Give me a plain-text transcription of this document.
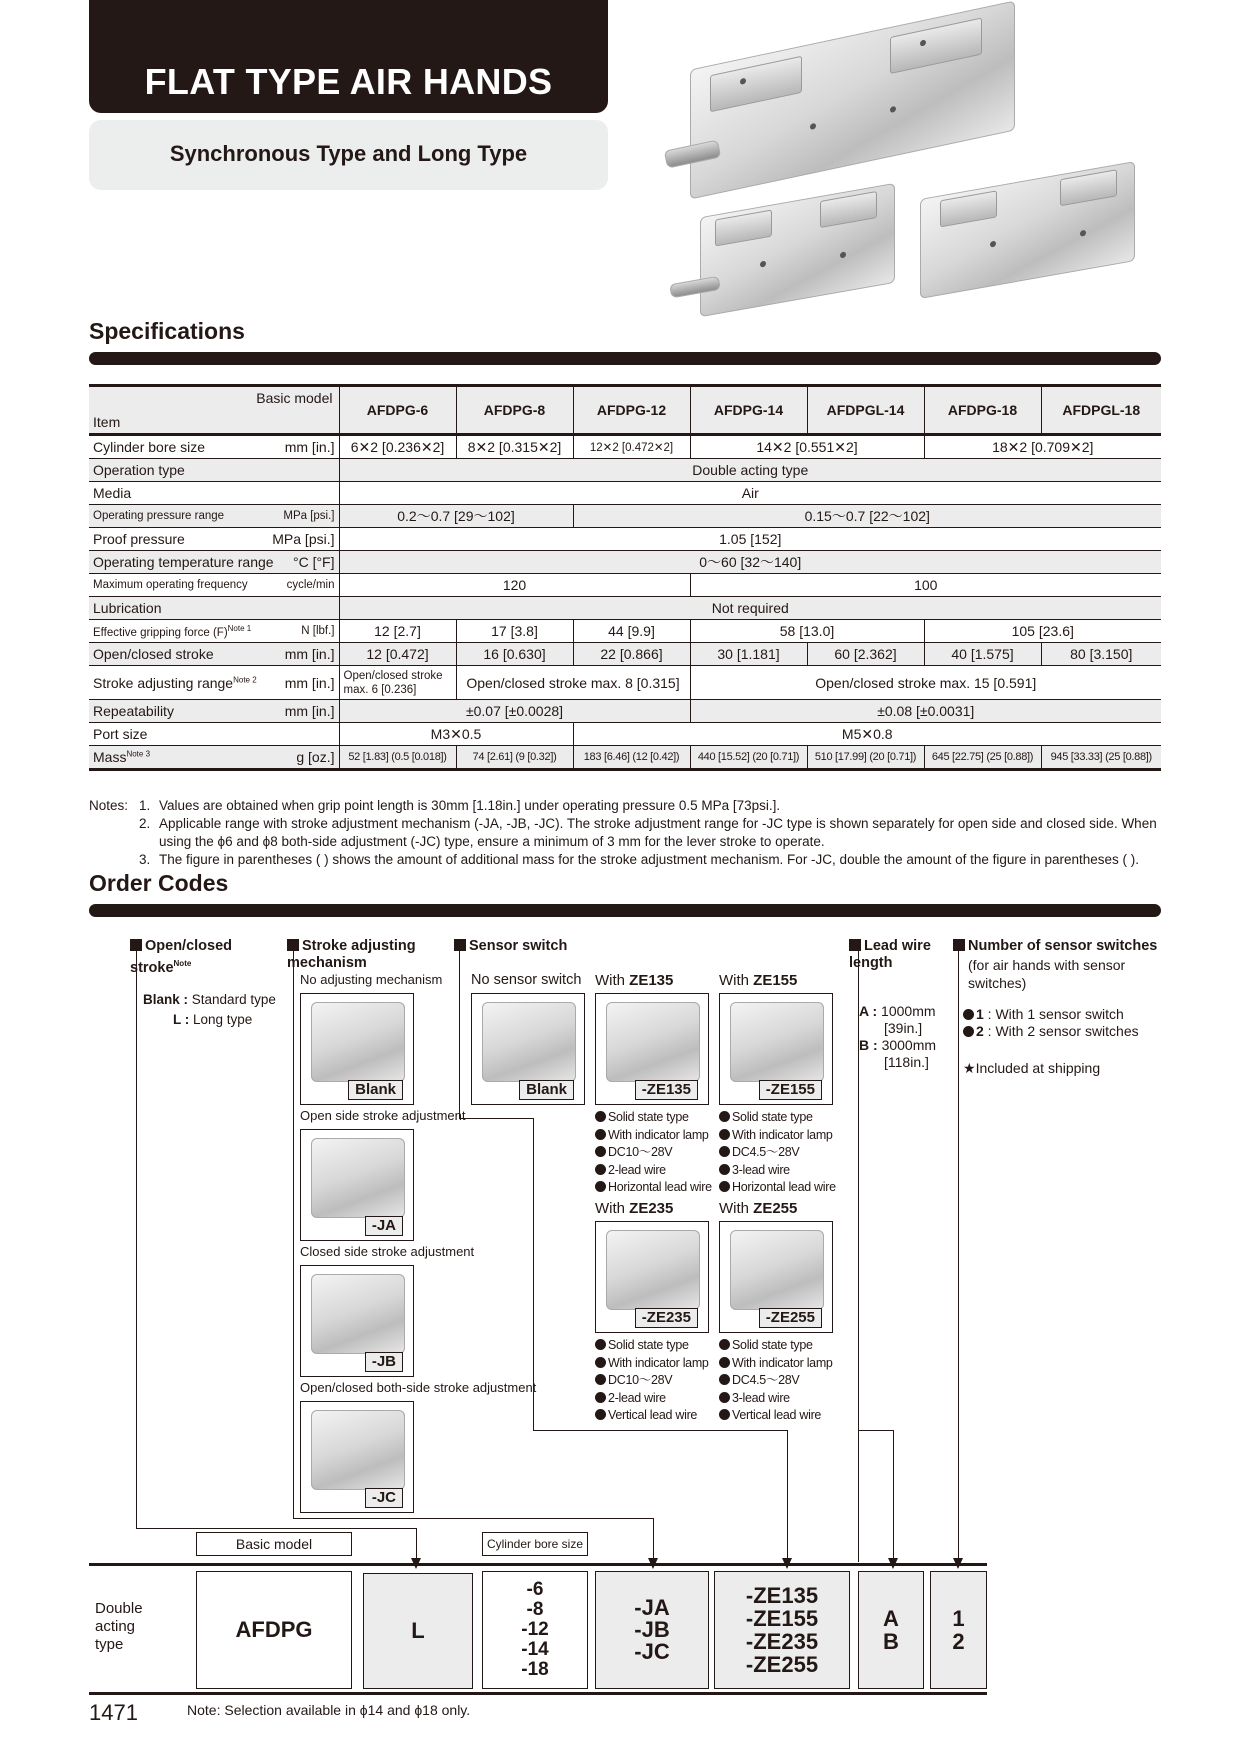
FLAT TYPE AIR HANDS
Synchronous Type and Long Type
Specifications
Basic model
Item	AFDPG-6	AFDPG-8	AFDPG-12	AFDPG-14	AFDPGL-14	AFDPG-18	AFDPGL-18
Cylinder bore size mm [in.]	6✕2 [0.236✕2]	8✕2 [0.315✕2]	12✕2 [0.472✕2]	14✕2 [0.551✕2]		18✕2 [0.709✕2]	
Operation type	Double acting type						
Media	Air						
Operating pressure range MPa [psi.]	0.2〜0.7 [29〜102]		0.15〜0.7 [22〜102]				
Proof pressure MPa [psi.]	1.05 [152]						
Operating temperature range °C [°F]	0〜60 [32〜140]						
Maximum operating frequency cycle/min	120			100			
Lubrication	Not required						
Effective gripping force $(F)^{Note 1}$ N [lbf.]	12 [2.7]	17 [3.8]	44 [9.9]	58 [13.0]		105 [23.6]	
Open/closed stroke mm [in.]	12 [0.472]	16 [0.630]	22 [0.866]	30 [1.181]	60 [2.362]	40 [1.575]	80 [3.150]
Stroke adjusting range$^{Note 2}$ mm [in.]	Open/closed stroke max. 6 [0.236]	Open/closed stroke max. 8 [0.315]		Open/closed stroke max. 15 [0.591]			
Repeatability mm [in.]	±0.07 [±0.0028]			±0.08 [±0.0031]			
Port size	M3✕0.5		M5✕0.8				
Mass$^{Note 3}$ g [oz.]	52 [1.83] (0.5 [0.018])	74 [2.61] (9 [0.32])	183 [6.46] (12 [0.42])	440 [15.52] (20 [0.71])	510 [17.99] (20 [0.71])	645 [22.75] (25 [0.88])	945 [33.33] (25 [0.88])
Notes: 1. Values are obtained when grip point length is 30mm [1.18in.] under operating pressure 0.5 MPa [73psi.].
2. Applicable range with stroke adjustment mechanism (-JA, -JB, -JC). The stroke adjustment range for -JC type is shown separately for open side and closed side. When using the ϕ6 and ϕ8 both-side adjustment (-JC) type, ensure a minimum of 3 mm for the lever stroke to operate.
3. The figure in parentheses ( ) shows the amount of additional mass for the stroke adjustment mechanism. For -JC, double the amount of the figure in parentheses ( ).
Order Codes
Open/closed stroke$^{Note}$
Blank : Standard type
L : Long type
Stroke adjusting mechanism
No adjusting mechanism
Blank
Open side stroke adjustment
-JA
Closed side stroke adjustment
-JB
Open/closed both-side stroke adjustment
-JC
Sensor switch
No sensor switch
Blank
With ZE135
-ZE135
Solid state type
With indicator lamp
DC10〜28V
2-lead wire
Horizontal lead wire
With ZE155
-ZE155
Solid state type
With indicator lamp
DC4.5〜28V
3-lead wire
Horizontal lead wire
With ZE235
-ZE235
Solid state type
With indicator lamp
DC10〜28V
2-lead wire
Vertical lead wire
With ZE255
-ZE255
Solid state type
With indicator lamp
DC4.5〜28V
3-lead wire
Vertical lead wire
Lead wire length
A : 1000mm
[39in.]
B : 3000mm
[118in.]
Number of sensor switches
(for air hands with sensor switches)
1 : With 1 sensor switch
2 : With 2 sensor switches
★Included at shipping
Basic model	Cylinder bore size
Double acting type
AFDPG	L
-6
-8
-12
-14
-18
-JA
-JB
-JC
-ZE135
-ZE155
-ZE235
-ZE255
A
B
1
2
1471	Note: Selection available in ϕ14 and ϕ18 only.
